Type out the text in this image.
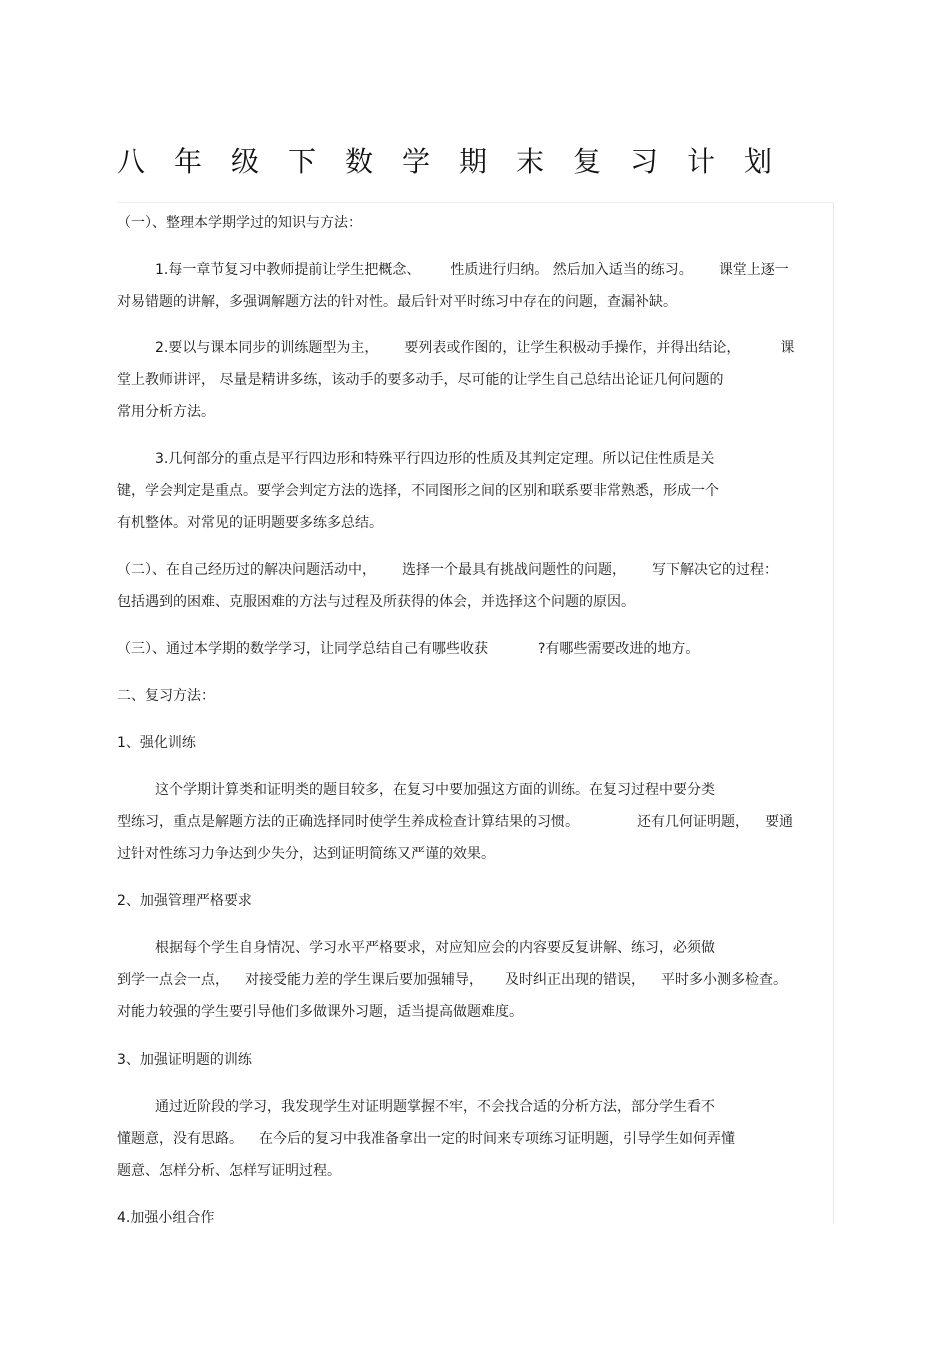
八年级下数学期末复习计划
（一）、整理本学期学过的知识与方法：
1.每一章节复习中教师提前让学生把概念、 性质进行归纳。 然后加入适当的练习。 课堂上逐一
对易错题的讲解，多强调解题方法的针对性。最后针对平时练习中存在的问题，查漏补缺。
2.要以与课本同步的训练题型为主， 要列表或作图的，让学生积极动手操作，并得出结论，	课
堂上教师讲评， 尽量是精讲多练，该动手的要多动手，尽可能的让学生自己总结出论证几何问题的
常用分析方法。
3.几何部分的重点是平行四边形和特殊平行四边形的性质及其判定定理。所以记住性质是关
键，学会判定是重点。要学会判定方法的选择，不同图形之间的区别和联系要非常熟悉，形成一个
有机整体。对常见的证明题要多练多总结。
（二）、在自己经历过的解决问题活动中， 选择一个最具有挑战问题性的问题， 写下解决它的过程：
包括遇到的困难、克服困难的方法与过程及所获得的体会，并选择这个问题的原因。
（三）、通过本学期的数学学习，让同学总结自己有哪些收获	?有哪些需要改进的地方。
二、复习方法：
1、强化训练
这个学期计算类和证明类的题目较多，在复习中要加强这方面的训练。在复习过程中要分类
型练习，重点是解题方法的正确选择同时使学生养成检查计算结果的习惯。	还有几何证明题， 要通
过针对性练习力争达到少失分，达到证明简练又严谨的效果。
2、加强管理严格要求
根据每个学生自身情况、学习水平严格要求，对应知应会的内容要反复讲解、练习，必须做
到学一点会一点， 对接受能力差的学生课后要加强辅导， 及时纠正出现的错误， 平时多小测多检查。
对能力较强的学生要引导他们多做课外习题，适当提高做题难度。
3、加强证明题的训练
通过近阶段的学习，我发现学生对证明题掌握不牢，不会找合适的分析方法，部分学生看不
懂题意，没有思路。 在今后的复习中我准备拿出一定的时间来专项练习证明题，引导学生如何弄懂
题意、怎样分析、怎样写证明过程。
4.加强小组合作
